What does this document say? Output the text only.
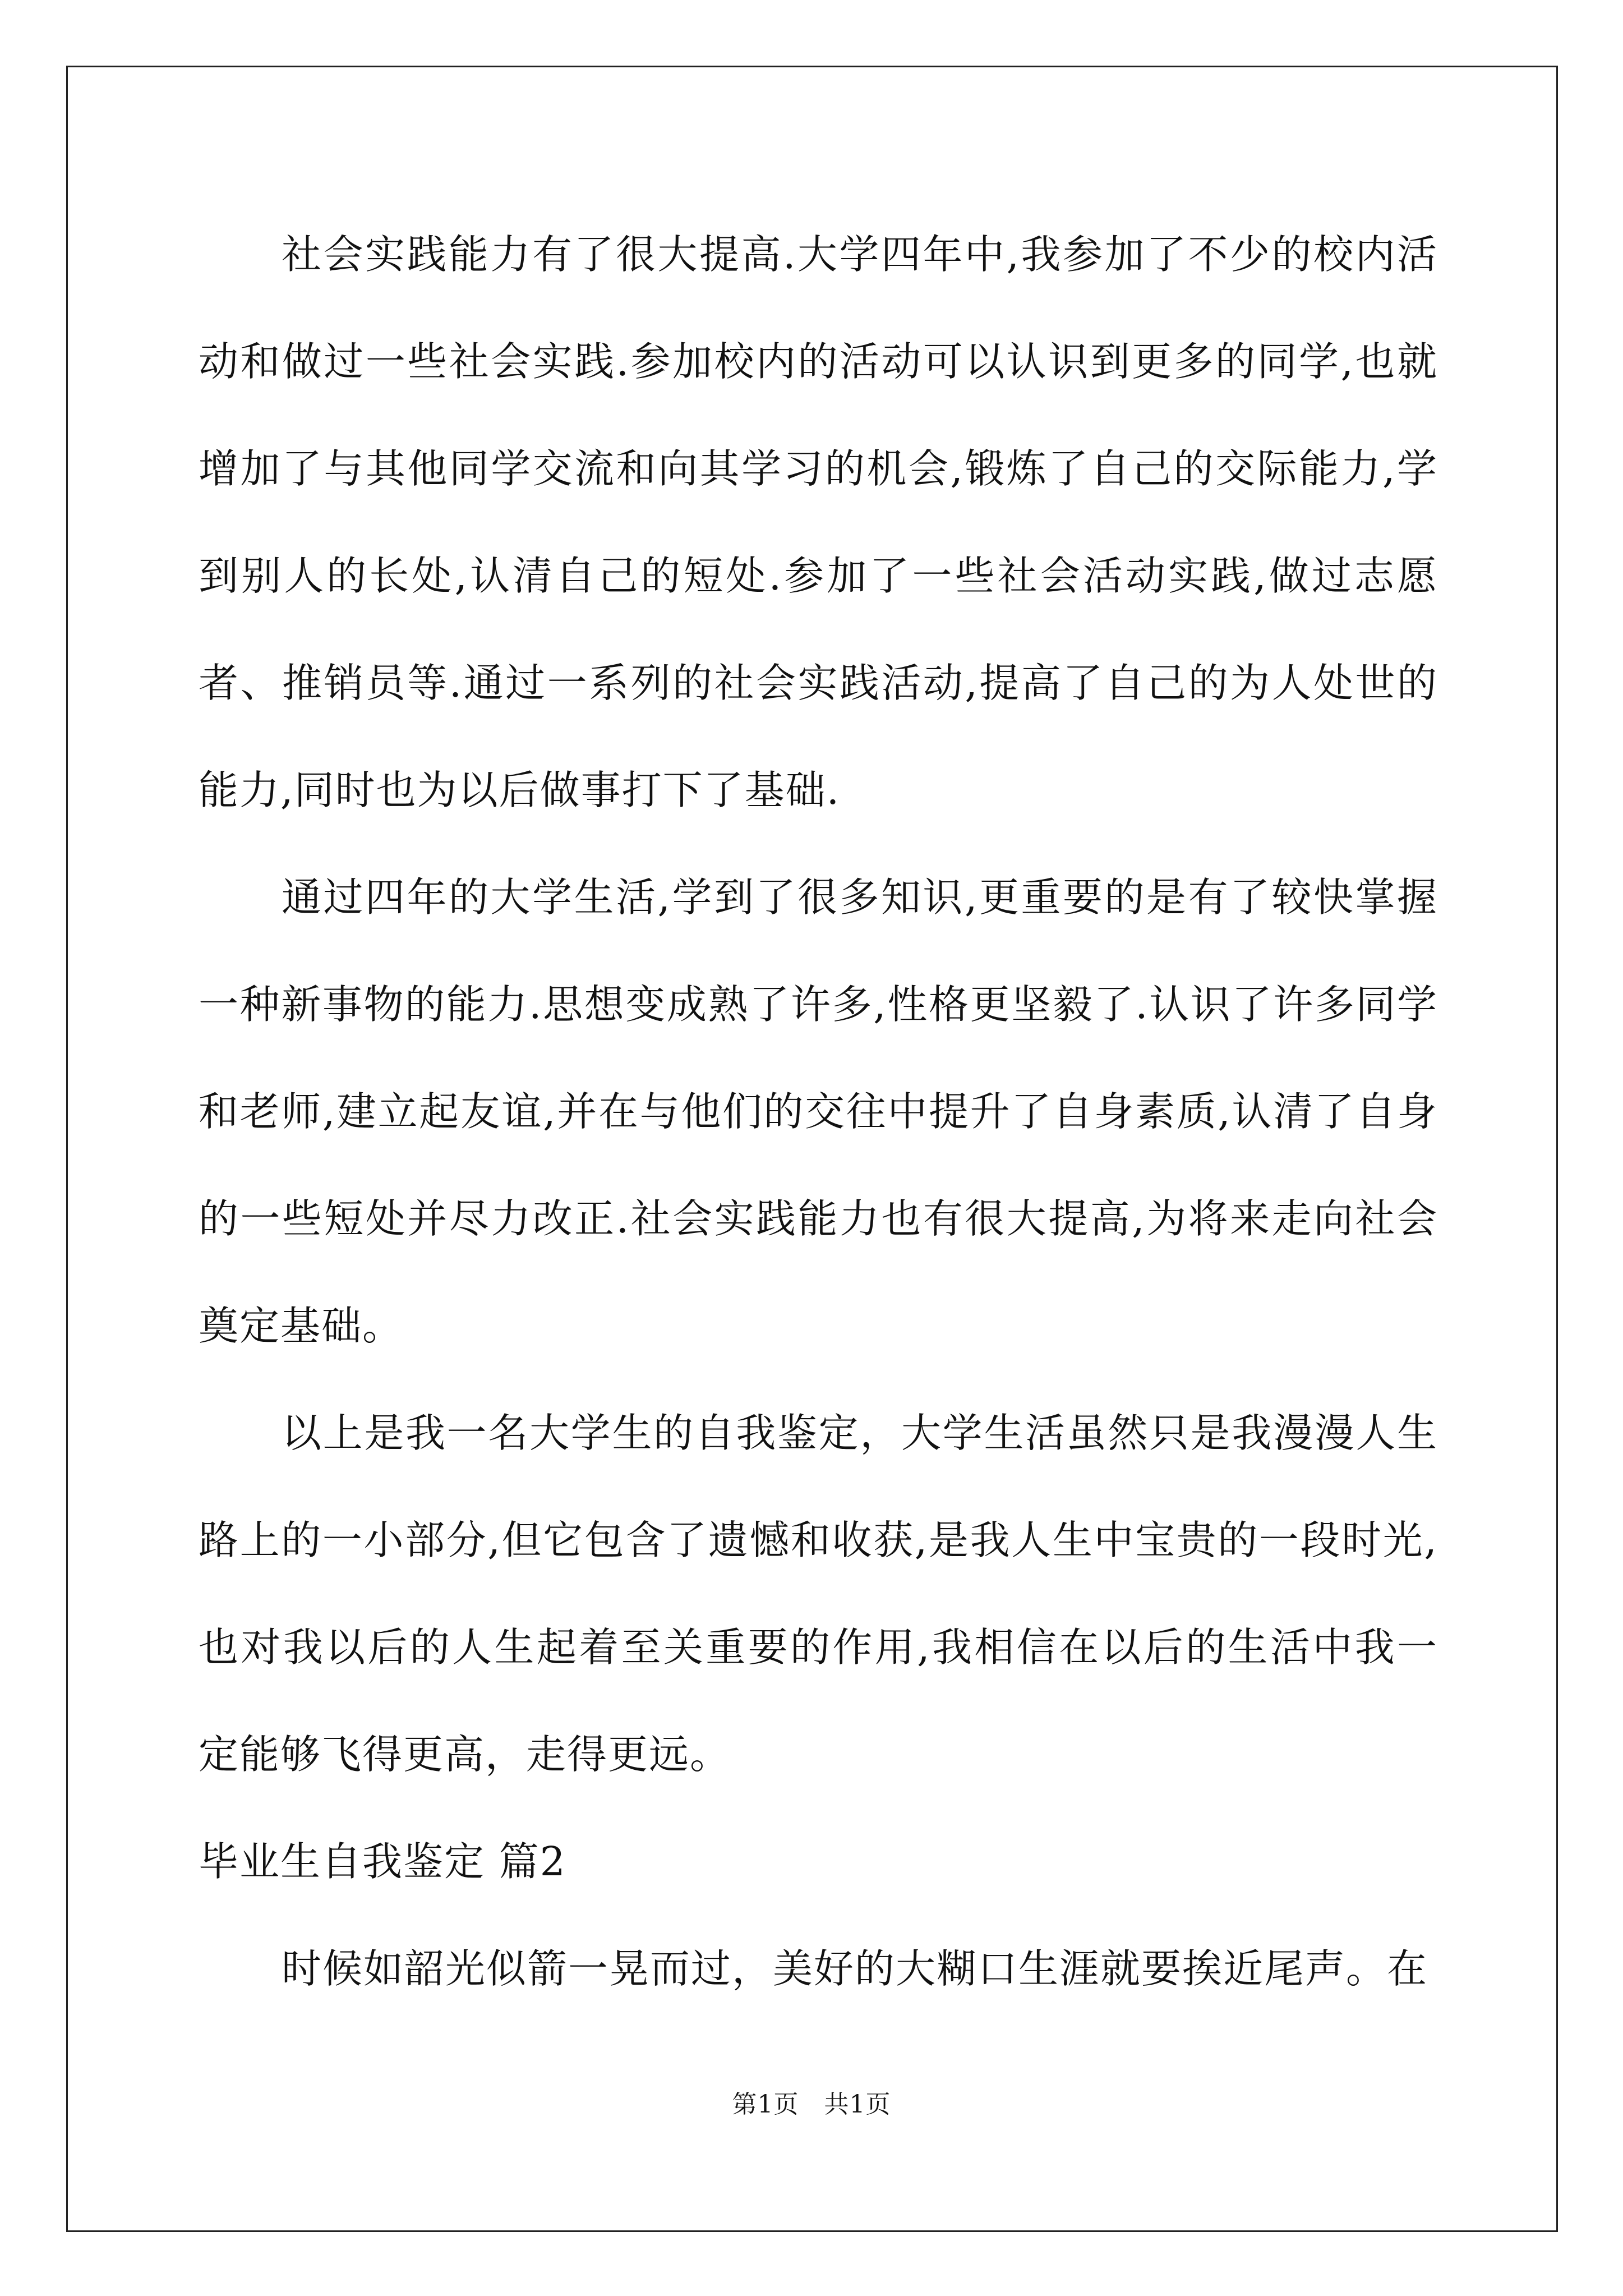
社会实践能力有了很大提高.大学四年中,我参加了不少的校内活动和做过一些社会实践.参加校内的活动可以认识到更多的同学,也就增加了与其他同学交流和向其学习的机会,锻炼了自己的交际能力,学到别人的长处,认清自己的短处.参加了一些社会活动实践,做过志愿者、推销员等.通过一系列的社会实践活动,提高了自己的为人处世的能力,同时也为以后做事打下了基础.

通过四年的大学生活,学到了很多知识,更重要的是有了较快掌握一种新事物的能力.思想变成熟了许多,性格更坚毅了.认识了许多同学和老师,建立起友谊,并在与他们的交往中提升了自身素质,认清了自身的一些短处并尽力改正.社会实践能力也有很大提高,为将来走向社会奠定基础。

以上是我一名大学生的自我鉴定，大学生活虽然只是我漫漫人生路上的一小部分,但它包含了遗憾和收获,是我人生中宝贵的一段时光,也对我以后的人生起着至关重要的作用,我相信在以后的生活中我一定能够飞得更高，走得更远。

毕业生自我鉴定 篇2

时候如韶光似箭一晃而过，美好的大糊口生涯就要挨近尾声。在

第1页　共1页
